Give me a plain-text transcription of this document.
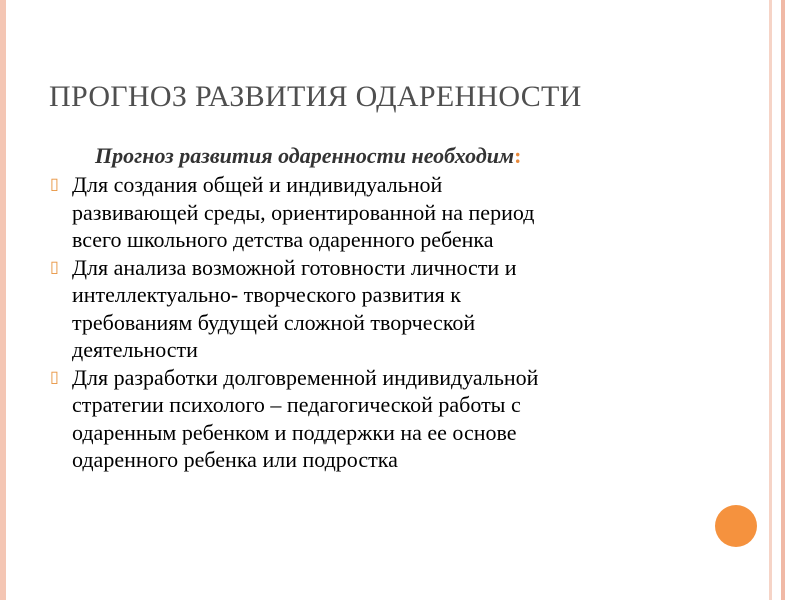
ПРОГНОЗ РАЗВИТИЯ ОДАРЕННОСТИ
Прогноз развития одаренности необходим:
▯ Для создания общей и индивидуальной
развивающей среды, ориентированной на период
всего школьного детства одаренного ребенка
▯ Для анализа возможной готовности личности и
интеллектуально- творческого развития к
требованиям будущей сложной творческой
деятельности
▯ Для разработки долговременной индивидуальной
стратегии психолого – педагогической работы с
одаренным ребенком и поддержки на ее основе
одаренного ребенка или подростка
